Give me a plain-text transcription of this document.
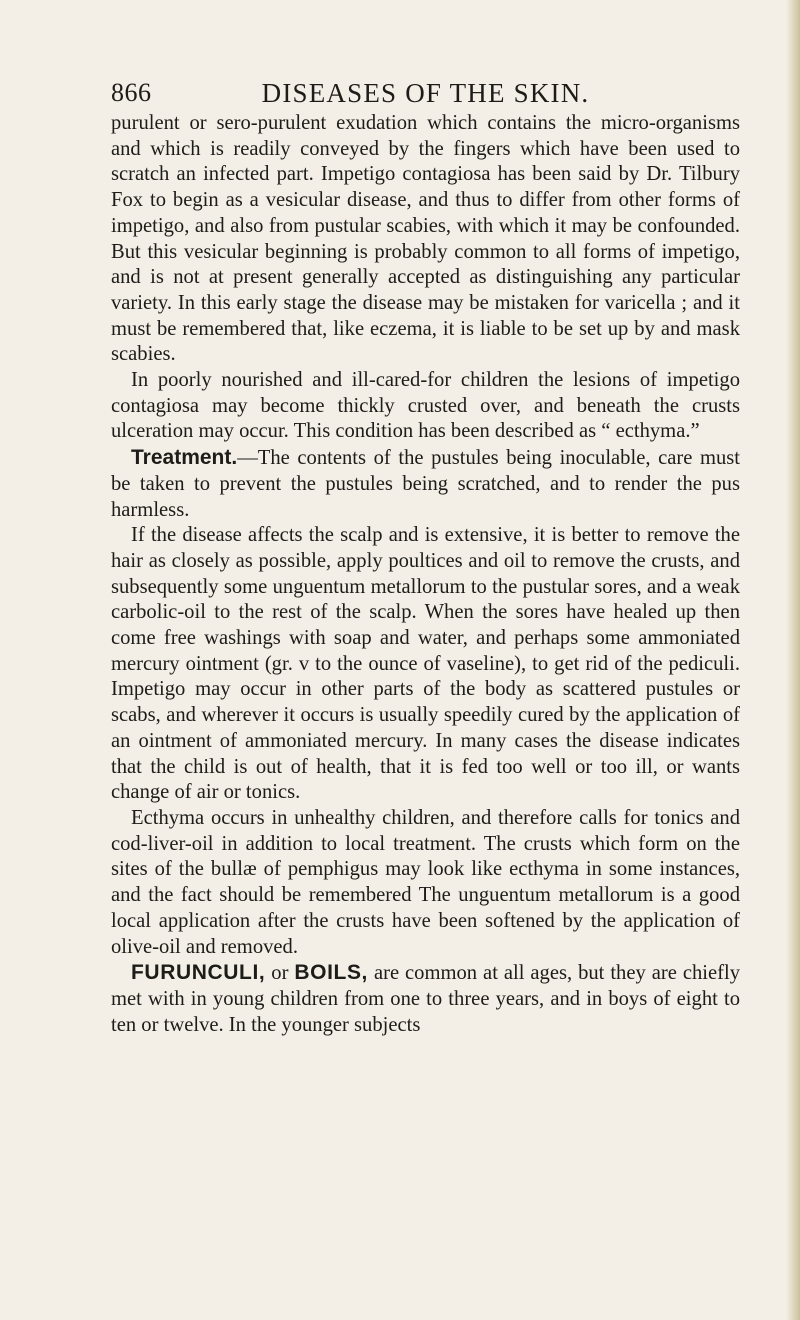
866	DISEASES OF THE SKIN.

purulent or sero-purulent exudation which contains the micro-organisms and which is readily conveyed by the fingers which have been used to scratch an infected part. Impetigo contagiosa has been said by Dr. Tilbury Fox to begin as a vesicular disease, and thus to differ from other forms of impetigo, and also from pustular scabies, with which it may be confounded. But this vesicular beginning is probably common to all forms of impetigo, and is not at present generally accepted as distinguishing any particular variety. In this early stage the disease may be mistaken for varicella ; and it must be remembered that, like eczema, it is liable to be set up by and mask scabies.

In poorly nourished and ill-cared-for children the lesions of impetigo contagiosa may become thickly crusted over, and beneath the crusts ulceration may occur. This condition has been described as “ ecthyma.”

Treatment.—The contents of the pustules being inoculable, care must be taken to prevent the pustules being scratched, and to render the pus harmless.

If the disease affects the scalp and is extensive, it is better to remove the hair as closely as possible, apply poultices and oil to remove the crusts, and subsequently some unguentum metallorum to the pustular sores, and a weak carbolic-oil to the rest of the scalp. When the sores have healed up then come free washings with soap and water, and perhaps some ammoniated mercury ointment (gr. v to the ounce of vaseline), to get rid of the pediculi. Impetigo may occur in other parts of the body as scattered pustules or scabs, and wherever it occurs is usually speedily cured by the application of an ointment of ammoniated mercury. In many cases the disease indicates that the child is out of health, that it is fed too well or too ill, or wants change of air or tonics.

Ecthyma occurs in unhealthy children, and therefore calls for tonics and cod-liver-oil in addition to local treatment. The crusts which form on the sites of the bullæ of pemphigus may look like ecthyma in some instances, and the fact should be remembered The unguentum metallorum is a good local application after the crusts have been softened by the application of olive-oil and removed.

FURUNCULI, or BOILS, are common at all ages, but they are chiefly met with in young children from one to three years, and in boys of eight to ten or twelve. In the younger subjects
